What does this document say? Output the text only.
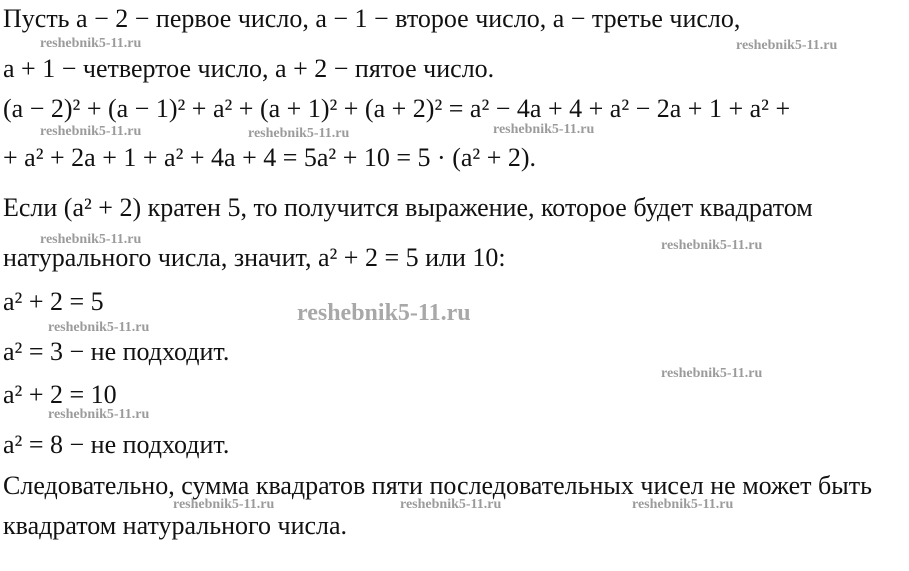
Пусть a − 2 − первое число, a − 1 − второе число, a − третье число,
a + 1 − четвертое число, a + 2 − пятое число.
(a − 2)² + (a − 1)² + a² + (a + 1)² + (a + 2)² = a² − 4a + 4 + a² − 2a + 1 + a² +
+ a² + 2a + 1 + a² + 4a + 4 = 5a² + 10 = 5 · (a² + 2).
Если (a² + 2) кратен 5, то получится выражение, которое будет квадратом
натурального числа, значит, a² + 2 = 5 или 10:
a² + 2 = 5
a² = 3 − не подходит.
a² + 2 = 10
a² = 8 − не подходит.
Следовательно, сумма квадратов пяти последовательных чисел не может быть
квадратом натурального числа.
reshebnik5-11.ru	reshebnik5-11.ru
reshebnik5-11.ru	reshebnik5-11.ru	reshebnik5-11.ru
reshebnik5-11.ru	reshebnik5-11.ru
reshebnik5-11.ru
reshebnik5-11.ru
reshebnik5-11.ru
reshebnik5-11.ru
reshebnik5-11.ru	reshebnik5-11.ru	reshebnik5-11.ru
